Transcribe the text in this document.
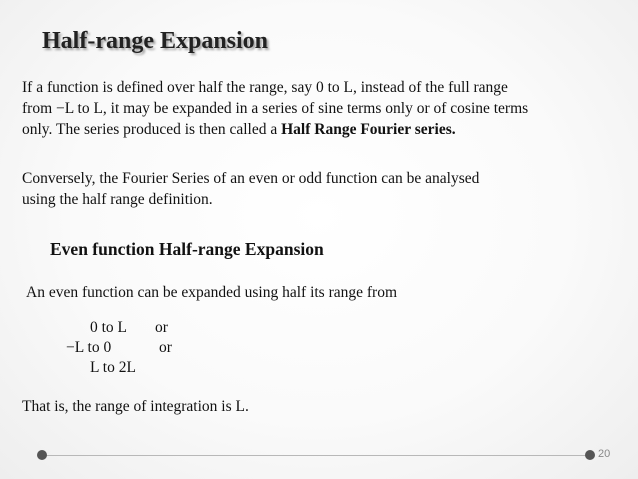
Half-range Expansion
If a function is defined over half the range, say 0 to L, instead of the full range
from −L to L, it may be expanded in a series of sine terms only or of cosine terms
only. The series produced is then called a Half Range Fourier series.
Conversely, the Fourier Series of an even or odd function can be analysed
using the half range definition.
Even function Half-range Expansion
An even function can be expanded using half its range from
0 to L or
−L to 0	or
L to 2L
That is, the range of integration is L.
20
